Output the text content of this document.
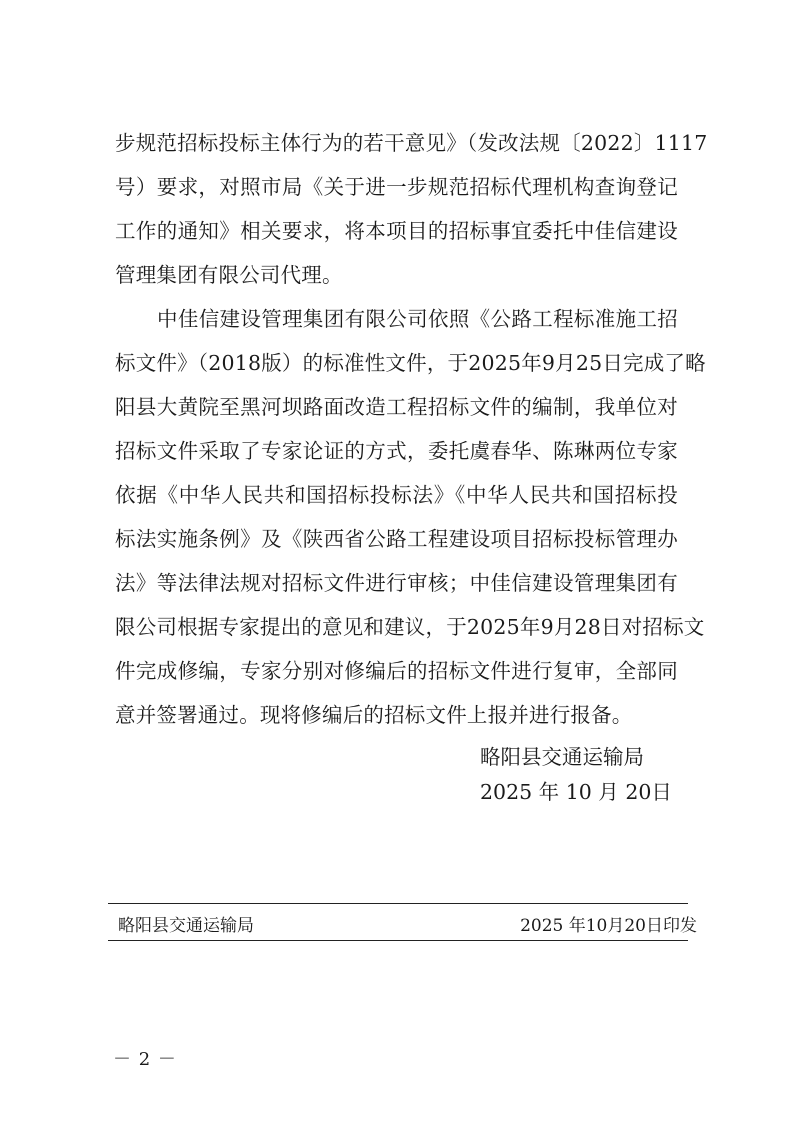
步规范招标投标主体行为的若干意见》（发改法规〔2022〕1117
号）要求，对照市局《关于进一步规范招标代理机构查询登记
工作的通知》相关要求，将本项目的招标事宜委托中佳信建设
管理集团有限公司代理。
中佳信建设管理集团有限公司依照《公路工程标准施工招
标文件》（2018版）的标准性文件，于2025年9月25日完成了略
阳县大黄院至黑河坝路面改造工程招标文件的编制，我单位对
招标文件采取了专家论证的方式，委托虞春华、陈琳两位专家
依据《中华人民共和国招标投标法》《中华人民共和国招标投
标法实施条例》及《陕西省公路工程建设项目招标投标管理办
法》等法律法规对招标文件进行审核；中佳信建设管理集团有
限公司根据专家提出的意见和建议，于2025年9月28日对招标文
件完成修编，专家分别对修编后的招标文件进行复审，全部同
意并签署通过。现将修编后的招标文件上报并进行报备。
略阳县交通运输局
2025 年 10 月 20日
略阳县交通运输局	2025 年10月20日印发
－ 2 －
